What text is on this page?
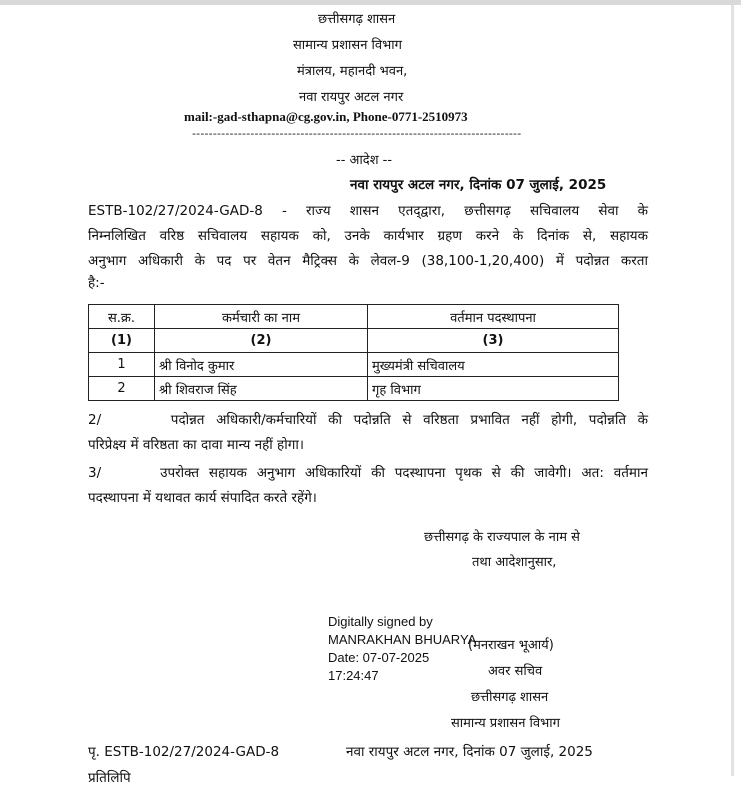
छत्तीसगढ़ शासन
सामान्य प्रशासन विभाग
मंत्रालय, महानदी भवन,
नवा रायपुर अटल नगर
mail:-gad-sthapna@cg.gov.in, Phone-0771-2510973
-------------------------------------------------------------------------------
-- आदेश --
नवा रायपुर अटल नगर, दिनांक 07 जुलाई, 2025
ESTB-102/27/2024-GAD-8 - राज्य शासन एतद्‌द्वारा, छत्तीसगढ़ सचिवालय सेवा के
निम्नलिखित वरिष्ठ सचिवालय सहायक को, उनके कार्यभार ग्रहण करने के दिनांक से, सहायक
अनुभाग अधिकारी के पद पर वेतन मैट्रिक्स के लेवल-9 (38,100-1,20,400) में पदोन्नत करता
है:-
स.क्र.	कर्मचारी का नाम	वर्तमान पदस्थापना
(1)	(2)	(3)
1	श्री विनोद कुमार	मुख्यमंत्री सचिवालय
2	श्री शिवराज सिंह	गृह विभाग
2/      पदोन्नत अधिकारी/कर्मचारियों की पदोन्नति से वरिष्ठता प्रभावित नहीं होगी, पदोन्नति के
परिप्रेक्ष्य में वरिष्ठता का दावा मान्य नहीं होगा।
3/      उपरोक्त सहायक अनुभाग अधिकारियों की पदस्थापना पृथक से की जावेगी। अत: वर्तमान
पदस्थापना में यथावत कार्य संपादित करते रहेंगे।
छत्तीसगढ़ के राज्यपाल के नाम से
तथा आदेशानुसार,
Digitally signed by
MANRAKHAN BHUARYA
Date: 07-07-2025
17:24:47
(मनराखन भूआर्य)
अवर सचिव
छत्तीसगढ़ शासन
सामान्य प्रशासन विभाग
पृ. ESTB-102/27/2024-GAD-8	नवा रायपुर अटल नगर, दिनांक 07 जुलाई, 2025
प्रतिलिपि
